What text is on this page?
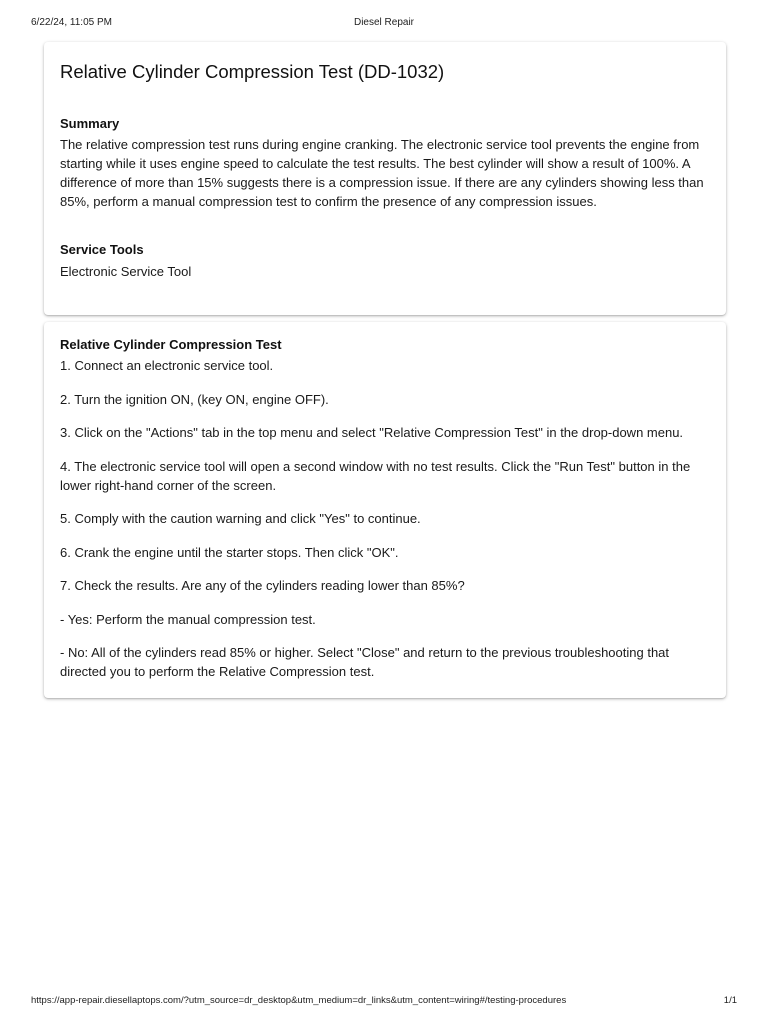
6/22/24, 11:05 PM	Diesel Repair
Relative Cylinder Compression Test (DD-1032)
Summary

The relative compression test runs during engine cranking. The electronic service tool prevents the engine from starting while it uses engine speed to calculate the test results. The best cylinder will show a result of 100%. A difference of more than 15% suggests there is a compression issue. If there are any cylinders showing less than 85%, perform a manual compression test to confirm the presence of any compression issues.

Service Tools

Electronic Service Tool

Relative Cylinder Compression Test
1. Connect an electronic service tool.
2. Turn the ignition ON, (key ON, engine OFF).
3. Click on the "Actions" tab in the top menu and select "Relative Compression Test" in the drop-down menu.
4. The electronic service tool will open a second window with no test results. Click the "Run Test" button in the lower right-hand corner of the screen.
5. Comply with the caution warning and click "Yes" to continue.
6. Crank the engine until the starter stops. Then click "OK".
7. Check the results. Are any of the cylinders reading lower than 85%?
- Yes: Perform the manual compression test.
- No: All of the cylinders read 85% or higher. Select "Close" and return to the previous troubleshooting that directed you to perform the Relative Compression test.
https://app-repair.diesellaptops.com/?utm_source=dr_desktop&utm_medium=dr_links&utm_content=wiring#/testing-procedures	1/1
